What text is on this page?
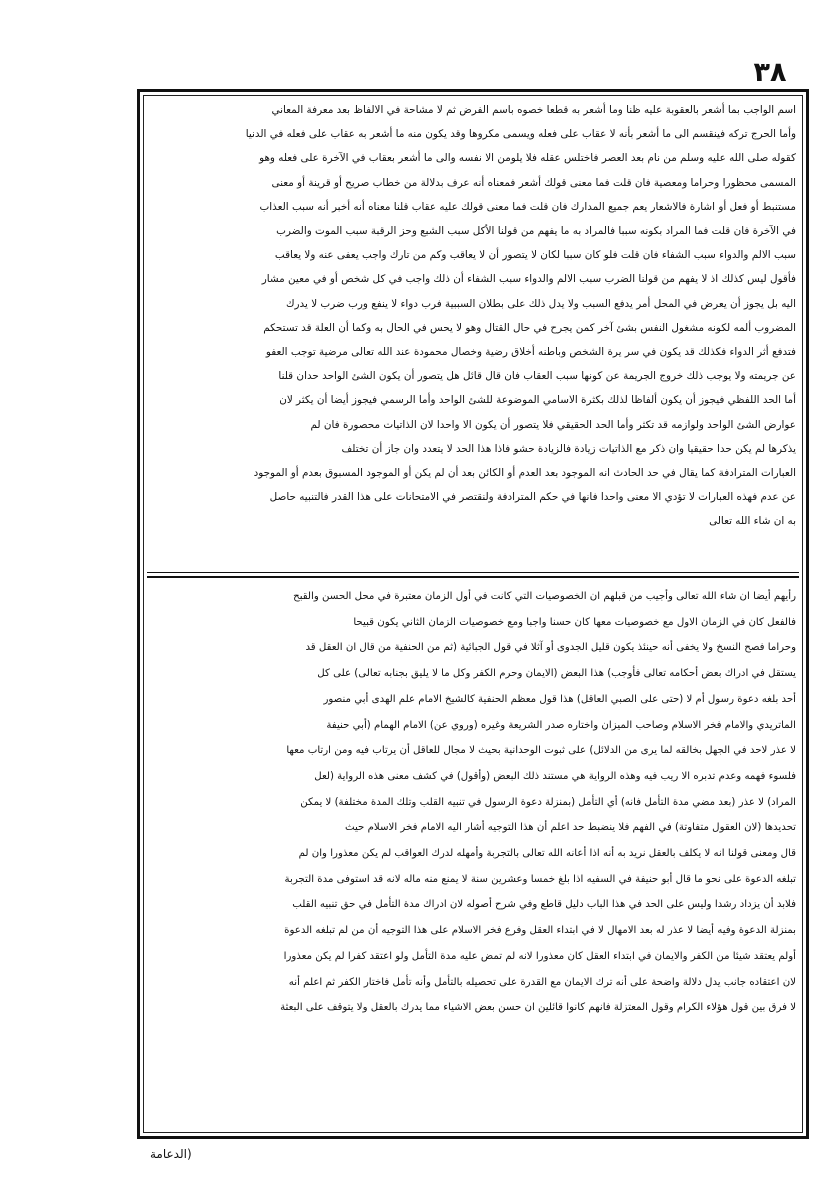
٣٨
اسم الواجب بما أشعر بالعقوبة عليه ظنا وما أشعر به قطعا خصوه باسم الفرض ثم لا مشاحة في الالفاظ بعد معرفة المعاني
وأما الحرج تركه فينقسم الى ما أشعر بأنه لا عقاب على فعله ويسمى مكروها وقد يكون منه ما أشعر به عقاب على فعله في الدنيا
كقوله صلى الله عليه وسلم من نام بعد العصر فاختلس عقله فلا يلومن الا نفسه والى ما أشعر بعقاب في الآخرة على فعله وهو
المسمى محظورا وحراما ومعصية فان قلت فما معنى قولك أشعر فمعناه أنه عرف بدلالة من خطاب صريح أو قرينة أو معنى
مستنبط أو فعل أو اشارة فالاشعار يعم جميع المدارك فان قلت فما معنى قولك عليه عقاب قلنا معناه أنه أخبر أنه سبب العذاب
في الآخرة فان قلت فما المراد بكونه سببا فالمراد به ما يفهم من قولنا الأكل سبب الشبع وحز الرقبة سبب الموت والضرب
سبب الالم والدواء سبب الشفاء فان قلت فلو كان سببا لكان لا يتصور أن لا يعاقب وكم من تارك واجب يعفى عنه ولا يعاقب
فأقول ليس كذلك اذ لا يفهم من قولنا الضرب سبب الالم والدواء سبب الشفاء أن ذلك واجب في كل شخص أو في معين مشار
اليه بل يجوز أن يعرض في المحل أمر يدفع السبب ولا يدل ذلك على بطلان السببية فرب دواء لا ينفع ورب ضرب لا يدرك
المضروب ألمه لكونه مشغول النفس بشئ آخر كمن يجرح في حال القتال وهو لا يحس في الحال به وكما أن العلة قد تستحكم
فتدفع أثر الدواء فكذلك قد يكون في سر يرة الشخص وباطنه أخلاق رضية وخصال محمودة عند الله تعالى مرضية توجب العفو
عن جريمته ولا يوجب ذلك خروج الجريمة عن كونها سبب العقاب فان قال قائل هل يتصور أن يكون الشئ الواحد حدان قلنا
أما الحد اللفظي فيجوز أن يكون ألفاظا لذلك بكثرة الاسامي الموضوعة للشئ الواحد وأما الرسمي فيجوز أيضا أن يكثر لان
عوارض الشئ الواحد ولوازمه قد تكثر وأما الحد الحقيقي فلا يتصور أن يكون الا واحدا لان الذاتيات محصورة فان لم
يذكرها لم يكن حدا حقيقيا وان ذكر مع الذاتيات زيادة فالزيادة حشو فاذا هذا الحد لا يتعدد وان جاز أن تختلف
العبارات المترادفة كما يقال في حد الحادث انه الموجود بعد العدم أو الكائن بعد أن لم يكن أو الموجود المسبوق بعدم أو الموجود
عن عدم فهذه العبارات لا تؤدي الا معنى واحدا فانها في حكم المترادفة ولنقتصر في الامتحانات على هذا القدر فالتنبيه حاصل
به ان شاء الله تعالى
رأيهم أيضا ان شاء الله تعالى وأجيب من قبلهم ان الخصوصيات التي كانت في أول الزمان معتبرة في محل الحسن والقبح
فالفعل كان في الزمان الاول مع خصوصيات معها كان حسنا واجبا ومع خصوصيات الزمان الثاني يكون قبيحا
وحراما فصح النسخ ولا يخفى أنه حينئذ يكون قليل الجدوى أو آثلا في قول الجبائية (ثم من الحنفية من قال ان العقل قد
يستقل في ادراك بعض أحكامه تعالى فأوجب) هذا البعض (الايمان وحرم الكفر وكل ما لا يليق بجنابه تعالى) على كل
أحد بلغه دعوة رسول أم لا (حتى على الصبي العاقل) هذا قول معظم الحنفية كالشيخ الامام علم الهدى أبي منصور
الماتريدي والامام فخر الاسلام وصاحب الميزان واختاره صدر الشريعة وغيره (وروي عن) الامام الهمام (أبي حنيفة
لا عذر لاحد في الجهل بخالقه لما يرى من الدلائل) على ثبوت الوحدانية بحيث لا مجال للعاقل أن يرتاب فيه ومن ارتاب معها
فلسوء فهمه وعدم تدبره الا ريب فيه وهذه الرواية هي مستند ذلك البعض (وأقول) في كشف معنى هذه الرواية (لعل
المراد) لا عذر (بعد مضي مدة التأمل فانه) أي التأمل (بمنزلة دعوة الرسول في تنبيه القلب وتلك المدة مختلفة) لا يمكن
تحديدها (لان العقول متفاوتة) في الفهم فلا ينضبط حد اعلم أن هذا التوجيه أشار اليه الامام فخر الاسلام حيث
قال ومعنى قولنا انه لا يكلف بالعقل نريد به أنه اذا أعانه الله تعالى بالتجربة وأمهله لدرك العواقب لم يكن معذورا وان لم
تبلغه الدعوة على نحو ما قال أبو حنيفة في السفيه اذا بلغ خمسا وعشرين سنة لا يمنع منه ماله لانه قد استوفى مدة التجربة
فلابد أن يزداد رشدا وليس على الحد في هذا الباب دليل قاطع وفي شرح أصوله لان ادراك مدة التأمل في حق تنبيه القلب
بمنزلة الدعوة وفيه أيضا لا عذر له بعد الامهال لا في ابتداء العقل وفرع فخر الاسلام على هذا التوجيه أن من لم تبلغه الدعوة
أولم يعتقد شيئا من الكفر والايمان في ابتداء العقل كان معذورا لانه لم تمض عليه مدة التأمل ولو اعتقد كفرا لم يكن معذورا
لان اعتقاده جانب يدل دلالة واضحة على أنه ترك الايمان مع القدرة على تحصيله بالتأمل وأنه تأمل فاختار الكفر ثم اعلم أنه
لا فرق بين قول هؤلاء الكرام وقول المعتزلة فانهم كانوا قائلين ان حسن بعض الاشياء مما يدرك بالعقل ولا يتوقف على البعثة
(الدعامة
